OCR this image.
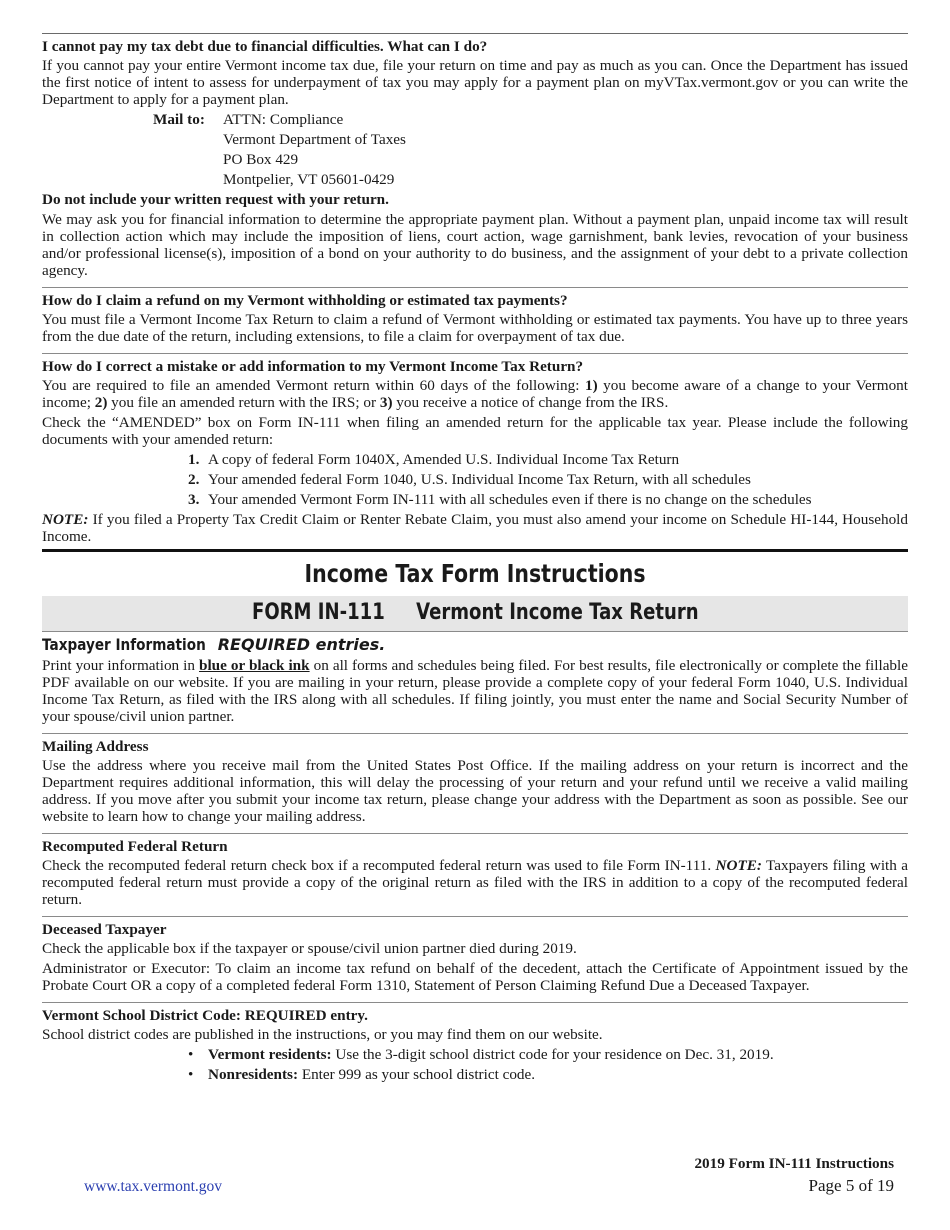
I cannot pay my tax debt due to financial difficulties. What can I do?
If you cannot pay your entire Vermont income tax due, file your return on time and pay as much as you can. Once the Department has issued the first notice of intent to assess for underpayment of tax you may apply for a payment plan on myVTax.vermont.gov or you can write the Department to apply for a payment plan.
Mail to:	ATTN: Compliance
Vermont Department of Taxes
PO Box 429
Montpelier, VT 05601-0429
Do not include your written request with your return.
We may ask you for financial information to determine the appropriate payment plan. Without a payment plan, unpaid income tax will result in collection action which may include the imposition of liens, court action, wage garnishment, bank levies, revocation of your business and/or professional license(s), imposition of a bond on your authority to do business, and the assignment of your debt to a private collection agency.
How do I claim a refund on my Vermont withholding or estimated tax payments?
You must file a Vermont Income Tax Return to claim a refund of Vermont withholding or estimated tax payments. You have up to three years from the due date of the return, including extensions, to file a claim for overpayment of tax due.
How do I correct a mistake or add information to my Vermont Income Tax Return?
You are required to file an amended Vermont return within 60 days of the following: 1) you become aware of a change to your Vermont income; 2) you file an amended return with the IRS; or 3) you receive a notice of change from the IRS.
Check the “AMENDED” box on Form IN-111 when filing an amended return for the applicable tax year. Please include the following documents with your amended return:
1. A copy of federal Form 1040X, Amended U.S. Individual Income Tax Return
2. Your amended federal Form 1040, U.S. Individual Income Tax Return, with all schedules
3. Your amended Vermont Form IN-111 with all schedules even if there is no change on the schedules
NOTE: If you filed a Property Tax Credit Claim or Renter Rebate Claim, you must also amend your income on Schedule HI-144, Household Income.
Income Tax Form Instructions
FORM IN-111     Vermont Income Tax Return
Taxpayer Information REQUIRED entries.
Print your information in blue or black ink on all forms and schedules being filed. For best results, file electronically or complete the fillable PDF available on our website. If you are mailing in your return, please provide a complete copy of your federal Form 1040, U.S. Individual Income Tax Return, as filed with the IRS along with all schedules. If filing jointly, you must enter the name and Social Security Number of your spouse/civil union partner.
Mailing Address
Use the address where you receive mail from the United States Post Office. If the mailing address on your return is incorrect and the Department requires additional information, this will delay the processing of your return and your refund until we receive a valid mailing address. If you move after you submit your income tax return, please change your address with the Department as soon as possible. See our website to learn how to change your mailing address.
Recomputed Federal Return
Check the recomputed federal return check box if a recomputed federal return was used to file Form IN-111. NOTE: Taxpayers filing with a recomputed federal return must provide a copy of the original return as filed with the IRS in addition to a copy of the recomputed federal return.
Deceased Taxpayer
Check the applicable box if the taxpayer or spouse/civil union partner died during 2019.
Administrator or Executor: To claim an income tax refund on behalf of the decedent, attach the Certificate of Appointment issued by the Probate Court OR a copy of a completed federal Form 1310, Statement of Person Claiming Refund Due a Deceased Taxpayer.
Vermont School District Code: REQUIRED entry.
School district codes are published in the instructions, or you may find them on our website.
• Vermont residents: Use the 3-digit school district code for your residence on Dec. 31, 2019.
• Nonresidents: Enter 999 as your school district code.
2019 Form IN-111 Instructions
Page 5 of 19
www.tax.vermont.gov
